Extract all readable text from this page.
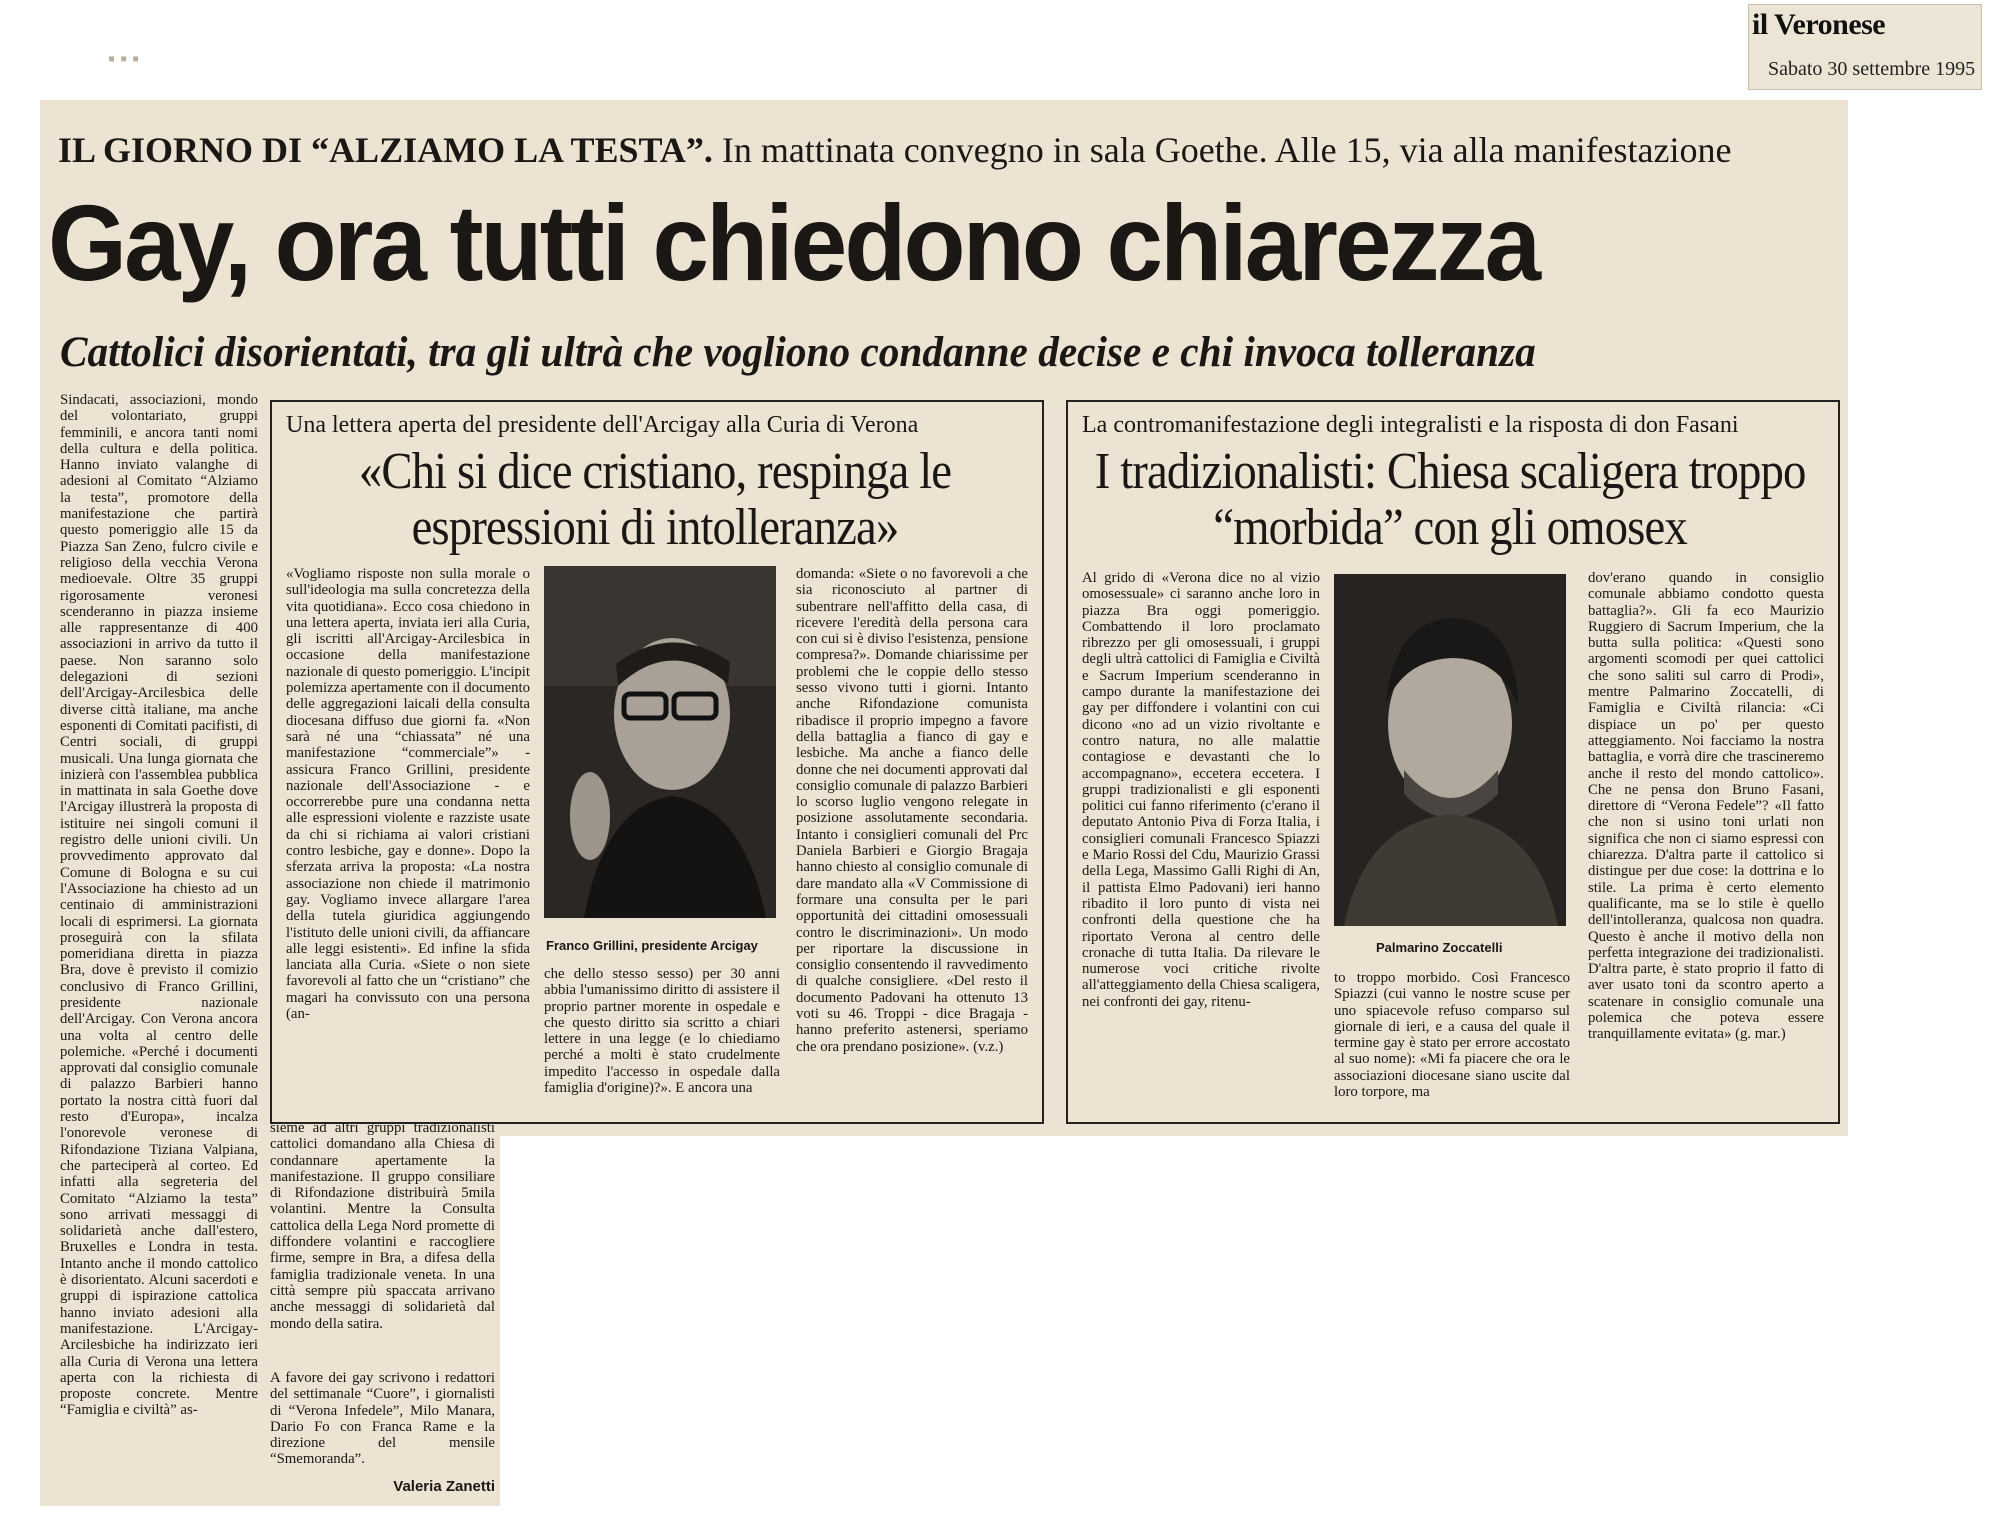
▪ ▪ ▪
il Veronese
Sabato 30 settembre 1995
IL GIORNO DI “ALZIAMO LA TESTA”. In mattinata convegno in sala Goethe. Alle 15, via alla manifestazione
Gay, ora tutti chiedono chiarezza
Cattolici disorientati, tra gli ultrà che vogliono condanne decise e chi invoca tolleranza
Sindacati, associazioni, mondo del volontariato, gruppi femminili, e ancora tanti nomi della cultura e della politica. Hanno inviato valanghe di adesioni al Comitato “Alziamo la testa”, promotore della manifestazione che partirà questo pomeriggio alle 15 da Piazza San Zeno, fulcro civile e religioso della vecchia Verona medioevale. Oltre 35 gruppi rigorosamente veronesi scenderanno in piazza insieme alle rappresentanze di 400 associazioni in arrivo da tutto il paese. Non saranno solo delegazioni di sezioni dell'Arcigay-Arcilesbica delle diverse città italiane, ma anche esponenti di Comitati pacifisti, di Centri sociali, di gruppi musicali. Una lunga giornata che inizierà con l'assemblea pubblica in mattinata in sala Goethe dove l'Arcigay illustrerà la proposta di istituire nei singoli comuni il registro delle unioni civili. Un provvedimento approvato dal Comune di Bologna e su cui l'Associazione ha chiesto ad un centinaio di amministrazioni locali di esprimersi. La giornata proseguirà con la sfilata pomeridiana diretta in piazza Bra, dove è previsto il comizio conclusivo di Franco Grillini, presidente nazionale dell'Arcigay. Con Verona ancora una volta al centro delle polemiche. «Perché i documenti approvati dal consiglio comunale di palazzo Barbieri hanno portato la nostra città fuori dal resto d'Europa», incalza l'onorevole veronese di Rifondazione Tiziana Valpiana, che parteciperà al corteo. Ed infatti alla segreteria del Comitato “Alziamo la testa” sono arrivati messaggi di solidarietà anche dall'estero, Bruxelles e Londra in testa. Intanto anche il mondo cattolico è disorientato. Alcuni sacerdoti e gruppi di ispirazione cattolica hanno inviato adesioni alla manifestazione. L'Arcigay-Arcilesbiche ha indirizzato ieri alla Curia di Verona una lettera aperta con la richiesta di proposte concrete. Mentre “Famiglia e civiltà” as-
sieme ad altri gruppi tradizionalisti cattolici domandano alla Chiesa di condannare apertamente la manifestazione. Il gruppo consiliare di Rifondazione distribuirà 5mila volantini. Mentre la Consulta cattolica della Lega Nord promette di diffondere volantini e raccogliere firme, sempre in Bra, a difesa della famiglia tradizionale veneta. In una città sempre più spaccata arrivano anche messaggi di solidarietà dal mondo della satira.
A favore dei gay scrivono i redattori del settimanale “Cuore”, i giornalisti di “Verona Infedele”, Milo Manara, Dario Fo con Franca Rame e la direzione del mensile “Smemoranda”.
Valeria Zanetti
Una lettera aperta del presidente dell'Arcigay alla Curia di Verona
«Chi si dice cristiano, respinga le espressioni di intolleranza»
Franco Grillini, presidente Arcigay
«Vogliamo risposte non sulla morale o sull'ideologia ma sulla concretezza della vita quotidiana». Ecco cosa chiedono in una lettera aperta, inviata ieri alla Curia, gli iscritti all'Arcigay-Arcilesbica in occasione della manifestazione nazionale di questo pomeriggio. L'incipit polemizza apertamente con il documento delle aggregazioni laicali della consulta diocesana diffuso due giorni fa. «Non sarà né una “chiassata” né una manifestazione “commerciale”» - assicura Franco Grillini, presidente nazionale dell'Associazione - e occorrerebbe pure una condanna netta alle espressioni violente e razziste usate da chi si richiama ai valori cristiani contro lesbiche, gay e donne». Dopo la sferzata arriva la proposta: «La nostra associazione non chiede il matrimonio gay. Vogliamo invece allargare l'area della tutela giuridica aggiungendo l'istituto delle unioni civili, da affiancare alle leggi esistenti». Ed infine la sfida lanciata alla Curia. «Siete o non siete favorevoli al fatto che un “cristiano” che magari ha convissuto con una persona (an-
domanda: «Siete o no favorevoli a che sia riconosciuto al partner di subentrare nell'affitto della casa, di ricevere l'eredità della persona cara con cui si è diviso l'esistenza, pensione compresa?». Domande chiarissime per problemi che le coppie dello stesso sesso vivono tutti i giorni. Intanto anche Rifondazione comunista ribadisce il proprio impegno a favore della battaglia a fianco di gay e lesbiche. Ma anche a fianco delle donne che nei documenti approvati dal consiglio comunale di palazzo Barbieri lo scorso luglio vengono relegate in posizione assolutamente secondaria. Intanto i consiglieri comunali del Prc Daniela Barbieri e Giorgio Bragaja hanno chiesto al consiglio comunale di dare mandato alla «V Commissione di formare una consulta per le pari opportunità dei cittadini omosessuali contro le discriminazioni». Un modo per riportare la discussione in consiglio consentendo il ravvedimento di qualche consigliere. «Del resto il documento Padovani ha ottenuto 13 voti su 46. Troppi - dice Bragaja - hanno preferito astenersi, speriamo che ora prendano posizione». (v.z.)
che dello stesso sesso) per 30 anni abbia l'umanissimo diritto di assistere il proprio partner morente in ospedale e che questo diritto sia scritto a chiari lettere in una legge (e lo chiediamo perché a molti è stato crudelmente impedito l'accesso in ospedale dalla famiglia d'origine)?». E ancora una
La contromanifestazione degli integralisti e la risposta di don Fasani
I tradizionalisti: Chiesa scaligera troppo “morbida” con gli omosex
Palmarino Zoccatelli
Al grido di «Verona dice no al vizio omosessuale» ci saranno anche loro in piazza Bra oggi pomeriggio. Combattendo il loro proclamato ribrezzo per gli omosessuali, i gruppi degli ultrà cattolici di Famiglia e Civiltà e Sacrum Imperium scenderanno in campo durante la manifestazione dei gay per diffondere i volantini con cui dicono «no ad un vizio rivoltante e contro natura, no alle malattie contagiose e devastanti che lo accompagnano», eccetera eccetera. I gruppi tradizionalisti e gli esponenti politici cui fanno riferimento (c'erano il deputato Antonio Piva di Forza Italia, i consiglieri comunali Francesco Spiazzi e Mario Rossi del Cdu, Maurizio Grassi della Lega, Massimo Galli Righi di An, il pattista Elmo Padovani) ieri hanno ribadito il loro punto di vista nei confronti della questione che ha riportato Verona al centro delle cronache di tutta Italia. Da rilevare le numerose voci critiche rivolte all'atteggiamento della Chiesa scaligera, nei confronti dei gay, ritenu-
to troppo morbido. Così Francesco Spiazzi (cui vanno le nostre scuse per uno spiacevole refuso comparso sul giornale di ieri, e a causa del quale il termine gay è stato per errore accostato al suo nome): «Mi fa piacere che ora le associazioni diocesane siano uscite dal loro torpore, ma
dov'erano quando in consiglio comunale abbiamo condotto questa battaglia?». Gli fa eco Maurizio Ruggiero di Sacrum Imperium, che la butta sulla politica: «Questi sono argomenti scomodi per quei cattolici che sono saliti sul carro di Prodi», mentre Palmarino Zoccatelli, di Famiglia e Civiltà rilancia: «Ci dispiace un po' per questo atteggiamento. Noi facciamo la nostra battaglia, e vorrà dire che trascineremo anche il resto del mondo cattolico». Che ne pensa don Bruno Fasani, direttore di “Verona Fedele”? «Il fatto che non si usino toni urlati non significa che non ci siamo espressi con chiarezza. D'altra parte il cattolico si distingue per due cose: la dottrina e lo stile. La prima è certo elemento qualificante, ma se lo stile è quello dell'intolleranza, qualcosa non quadra. Questo è anche il motivo della non perfetta integrazione dei tradizionalisti. D'altra parte, è stato proprio il fatto di aver usato toni da scontro aperto a scatenare in consiglio comunale una polemica che poteva essere tranquillamente evitata» (g. mar.)
